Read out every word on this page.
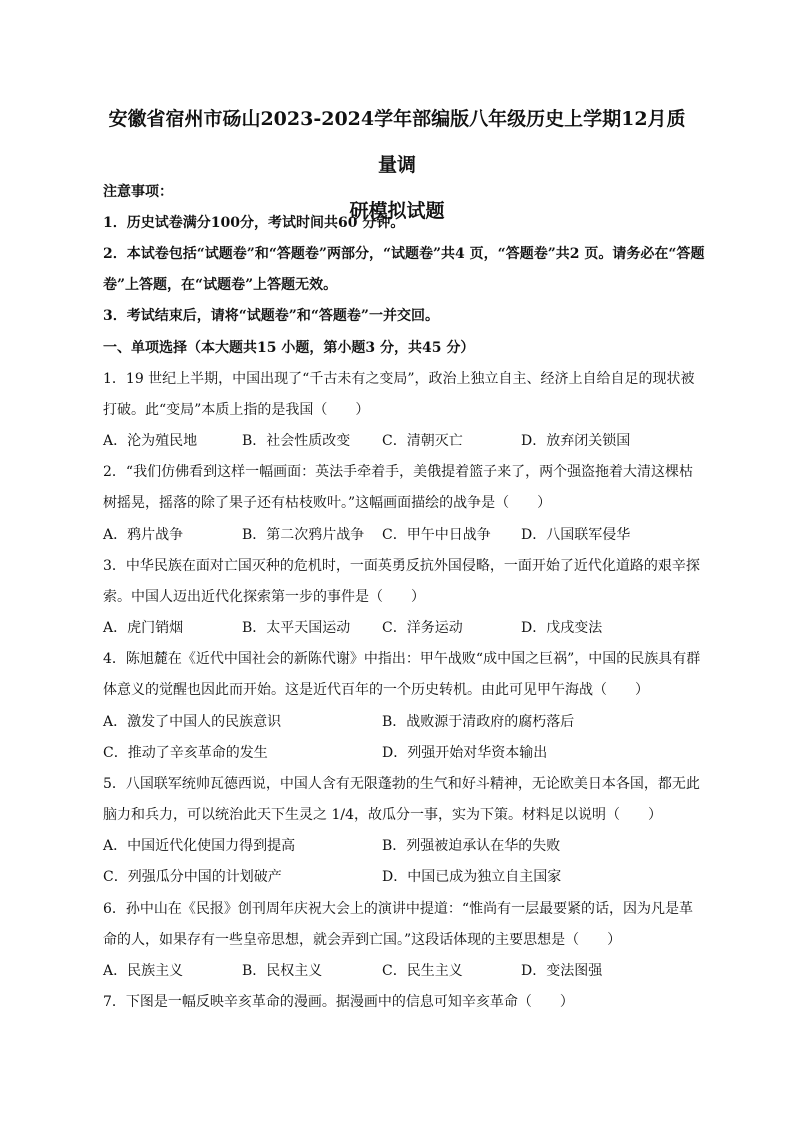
安徽省宿州市砀山2023-2024学年部编版八年级历史上学期12月质量调
研模拟试题
注意事项：
1．历史试卷满分100分，考试时间共60 分钟。
2．本试卷包括“试题卷”和“答题卷”两部分，“试题卷”共4 页，“答题卷”共2 页。请务必在“答题
卷”上答题，在“试题卷”上答题无效。
3．考试结束后，请将“试题卷”和“答题卷”一并交回。
一、单项选择（本大题共15 小题，第小题3 分，共45 分）
1．19 世纪上半期，中国出现了“千古未有之变局”，政治上独立自主、经济上自给自足的现状被
打破。此“变局”本质上指的是我国（　　）
A．沦为殖民地	B．社会性质改变 C．清朝灭亡	D．放弃闭关锁国
2．“我们仿佛看到这样一幅画面：英法手牵着手，美俄提着篮子来了，两个强盗拖着大清这棵枯
树摇晃，摇落的除了果子还有枯枝败叶。”这幅画面描绘的战争是（　　）
A．鸦片战争	B．第二次鸦片战争 C．甲午中日战争 D．八国联军侵华
3．中华民族在面对亡国灭种的危机时，一面英勇反抗外国侵略，一面开始了近代化道路的艰辛探
索。中国人迈出近代化探索第一步的事件是（　　）
A．虎门销烟	B．太平天国运动 C．洋务运动	D．戊戌变法
4．陈旭麓在《近代中国社会的新陈代谢》中指出：甲午战败“成中国之巨祸”，中国的民族具有群
体意义的觉醒也因此而开始。这是近代百年的一个历史转机。由此可见甲午海战（　　）
A．激发了中国人的民族意识	B．战败源于清政府的腐朽落后
C．推动了辛亥革命的发生	D．列强开始对华资本输出
5．八国联军统帅瓦德西说，中国人含有无限蓬勃的生气和好斗精神，无论欧美日本各国，都无此
脑力和兵力，可以统治此天下生灵之 1/4，故瓜分一事，实为下策。材料足以说明（　　）
A．中国近代化使国力得到提高	B．列强被迫承认在华的失败
C．列强瓜分中国的计划破产	D．中国已成为独立自主国家
6．孙中山在《民报》创刊周年庆祝大会上的演讲中提道：“惟尚有一层最要紧的话，因为凡是革
命的人，如果存有一些皇帝思想，就会弄到亡国。”这段话体现的主要思想是（　　）
A．民族主义	B．民权主义	C．民生主义	D．变法图强
7．下图是一幅反映辛亥革命的漫画。据漫画中的信息可知辛亥革命（　　）
